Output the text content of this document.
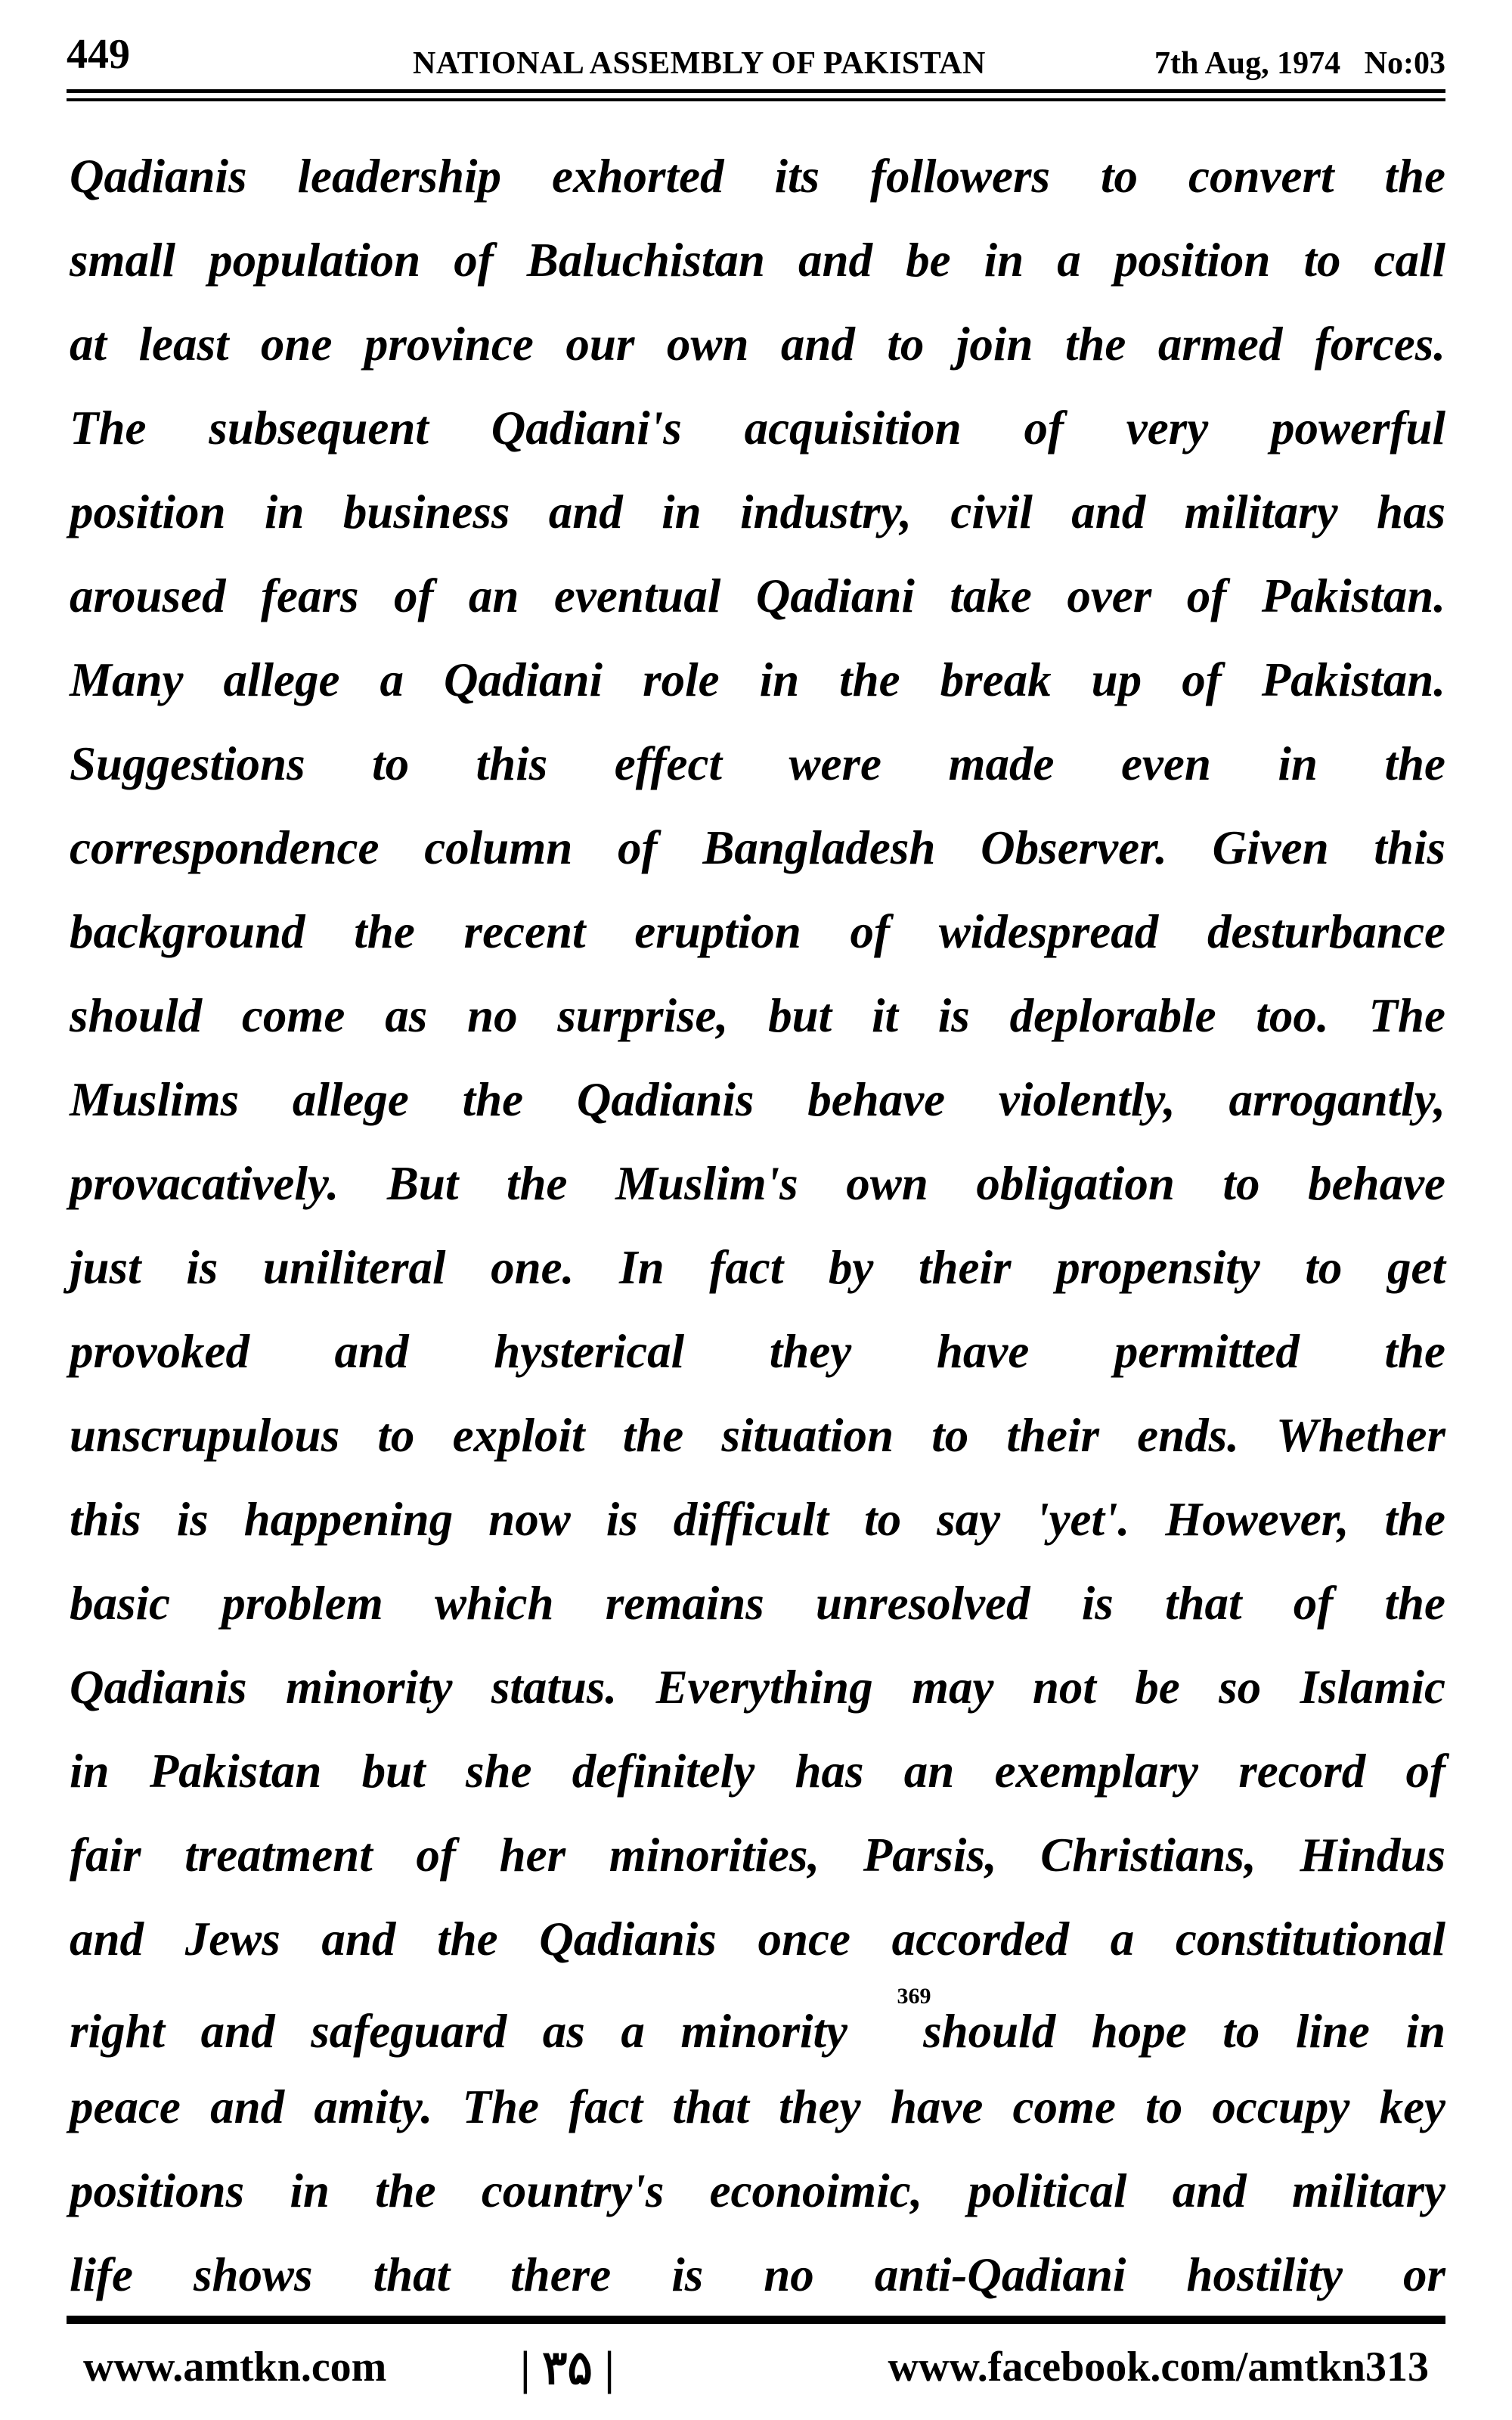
449	NATIONAL ASSEMBLY OF PAKISTAN	7th Aug, 1974   No:03
Qadianis leadership exhorted its followers to convert the
small population of Baluchistan and be in a position to call
at least one province our own and to join the armed forces.
The subsequent Qadiani's acquisition of very powerful
position in business and in industry, civil and military has
aroused fears of an eventual Qadiani take over of Pakistan.
Many allege a Qadiani role in the break up of Pakistan.
Suggestions to this effect were made even in the
correspondence column of Bangladesh Observer. Given this
background the recent eruption of widespread desturbance
should come as no surprise, but it is deplorable too. The
Muslims allege the Qadianis behave violently, arrogantly,
provacatively. But the Muslim's own obligation to behave
just is uniliteral one. In fact by their propensity to get
provoked and hysterical they have permitted the
unscrupulous to exploit the situation to their ends. Whether
this is happening now is difficult to say 'yet'. However, the
basic problem which remains unresolved is that of the
Qadianis minority status. Everything may not be so Islamic
in Pakistan but she definitely has an exemplary record of
fair treatment of her minorities, Parsis, Christians, Hindus
and Jews and the Qadianis once accorded a constitutional
right and safeguard as a minority $^{369}$ should hope to line in
peace and amity. The fact that they have come to occupy key
positions in the country's econoimic, political and military
life shows that there is no anti-Qadiani hostility or
www.amtkn.com	| ۳۵ |	www.facebook.com/amtkn313
